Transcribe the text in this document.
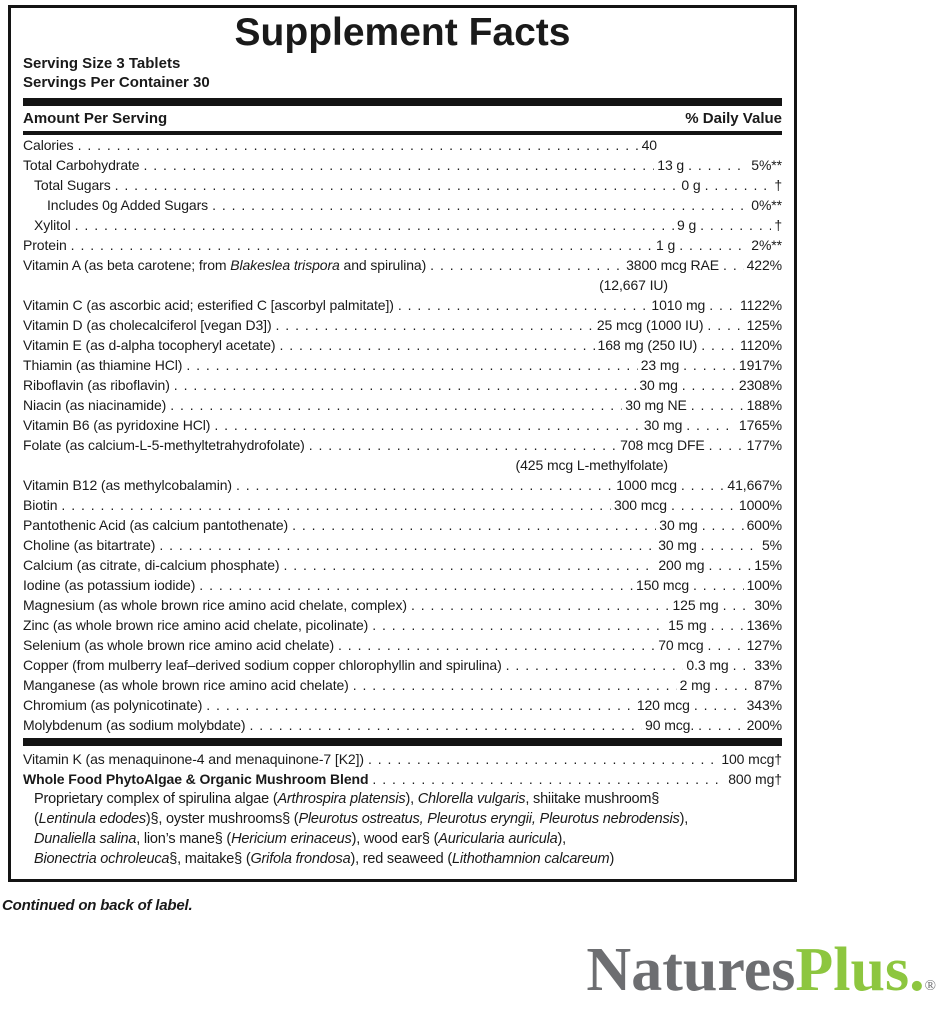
Supplement Facts
Serving Size 3 Tablets
Servings Per Container 30
Amount Per Serving	% Daily Value
Calories . . .	40
Total Carbohydrate . . .	13 g . . .	5%**
Total Sugars . . .	0 g . . .	†
Includes 0g Added Sugars . . .	0%**
Xylitol . . .	9 g . . .	†
Protein . . .	1 g . . .	2%**
Vitamin A (as beta carotene; from Blakeslea trispora and spirulina) . . .	3800 mcg RAE . . . 422%
(12,667 IU)
Vitamin C (as ascorbic acid; esterified C [ascorbyl palmitate]) . . .	1010 mg . . . 1122%
Vitamin D (as cholecalciferol [vegan D3]) . . .	25 mcg (1000 IU) . . .	125%
Vitamin E (as d-alpha tocopheryl acetate) . . .	168 mg (250 IU) . . .	1120%
Thiamin (as thiamine HCl) . . .	23 mg . . .	1917%
Riboflavin (as riboflavin) . . .	30 mg . . .	2308%
Niacin (as niacinamide) . . .	30 mg NE . . .	188%
Vitamin B6 (as pyridoxine HCl) . . .	30 mg . . .	1765%
Folate (as calcium-L-5-methyltetrahydrofolate) . . .	708 mcg DFE . . .	177%
(425 mcg L-methylfolate)
Vitamin B12 (as methylcobalamin) . . .	1000 mcg . . .	41,667%
Biotin . . .	300 mcg . . .	1000%
Pantothenic Acid (as calcium pantothenate) . . .	30 mg . . .	600%
Choline (as bitartrate) . . .	30 mg . . .	5%
Calcium (as citrate, di-calcium phosphate) . . .	200 mg . . .	15%
Iodine (as potassium iodide) . . .	150 mcg . . .	100%
Magnesium (as whole brown rice amino acid chelate, complex) . . .	125 mg . . .	30%
Zinc (as whole brown rice amino acid chelate, picolinate) . . .	15 mg . . .	136%
Selenium (as whole brown rice amino acid chelate) . . .	70 mcg . . .	127%
Copper (from mulberry leaf–derived sodium copper chlorophyllin and spirulina) . . .	0.3 mg . . . 33%
Manganese (as whole brown rice amino acid chelate) . . .	2 mg . . .	87%
Chromium (as polynicotinate) . . .	120 mcg . . .	343%
Molybdenum (as sodium molybdate) . . .	90 mcg. . . .	200%
Vitamin K (as menaquinone-4 and menaquinone-7 [K2]) . . .	100 mcg†
Whole Food PhytoAlgae & Organic Mushroom Blend . . .	800 mg†
Proprietary complex of spirulina algae (Arthrospira platensis), Chlorella vulgaris, shiitake mushroom§
(Lentinula edodes)§, oyster mushrooms§ (Pleurotus ostreatus, Pleurotus eryngii, Pleurotus nebrodensis),
Dunaliella salina, lion’s mane§ (Hericium erinaceus), wood ear§ (Auricularia auricula),
Bionectria ochroleuca§, maitake§ (Grifola frondosa), red seaweed (Lithothamnion calcareum)
Continued on back of label.
NaturesPlus.®
